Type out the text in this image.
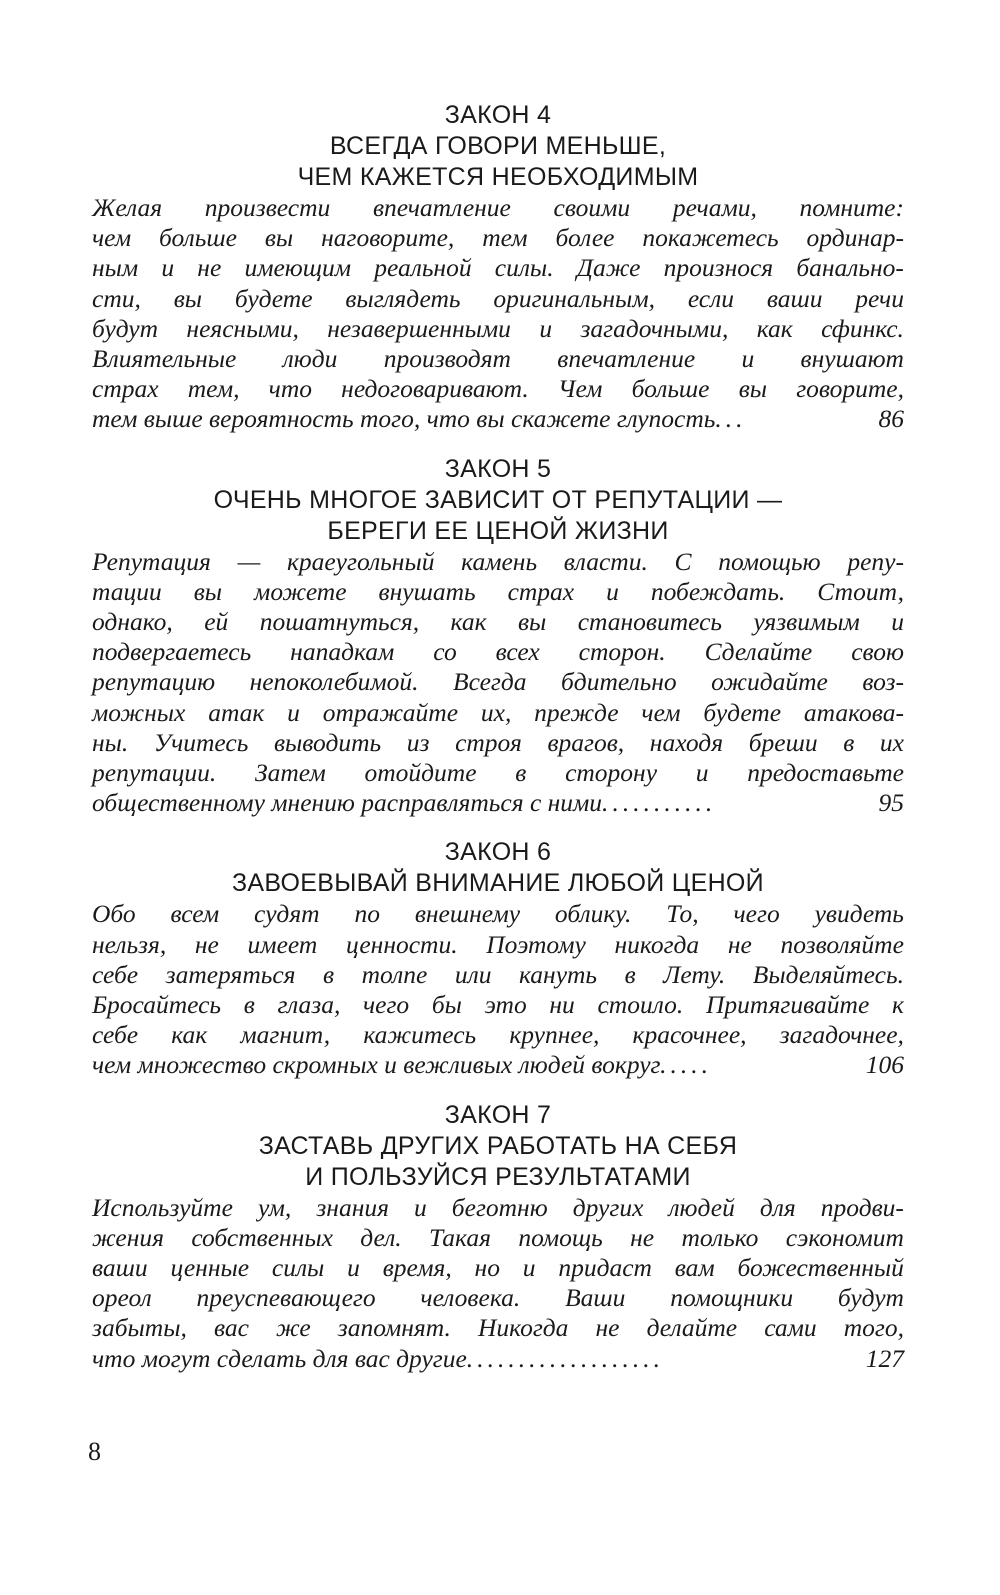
ЗАКОН 4
ВСЕГДА ГОВОРИ МЕНЬШЕ,
ЧЕМ КАЖЕТСЯ НЕОБХОДИМЫМ
Желая произвести впечатление своими речами, помните:
чем больше вы наговорите, тем более покажетесь ординар-
ным и не имеющим реальной силы. Даже произнося банально-
сти, вы будете выглядеть оригинальным, если ваши речи
будут неясными, незавершенными и загадочными, как сфинкс.
Влиятельные люди производят впечатление и внушают
страх тем, что недоговаривают. Чем больше вы говорите,
тем выше вероятность того, что вы скажете глупость. ..	86
ЗАКОН 5
ОЧЕНЬ МНОГОЕ ЗАВИСИТ ОТ РЕПУТАЦИИ —
БЕРЕГИ ЕЕ ЦЕНОЙ ЖИЗНИ
Репутация — краеугольный камень власти. С помощью репу-
тации вы можете внушать страх и побеждать. Стоит,
однако, ей пошатнуться, как вы становитесь уязвимым и
подвергаетесь нападкам со всех сторон. Сделайте свою
репутацию непоколебимой. Всегда бдительно ожидайте воз-
можных атак и отражайте их, прежде чем будете атакова-
ны. Учитесь выводить из строя врагов, находя бреши в их
репутации. Затем отойдите в сторону и предоставьте
общественному мнению расправляться с ними. ..........	95
ЗАКОН 6
ЗАВОЕВЫВАЙ ВНИМАНИЕ ЛЮБОЙ ЦЕНОЙ
Обо всем судят по внешнему облику. То, чего увидеть
нельзя, не имеет ценности. Поэтому никогда не позволяйте
себе затеряться в толпе или кануть в Лету. Выделяйтесь.
Бросайтесь в глаза, чего бы это ни стоило. Притягивайте к
себе как магнит, кажитесь крупнее, красочнее, загадочнее,
чем множество скромных и вежливых людей вокруг. ....	106
ЗАКОН 7
ЗАСТАВЬ ДРУГИХ РАБОТАТЬ НА СЕБЯ
И ПОЛЬЗУЙСЯ РЕЗУЛЬТАТАМИ
Используйте ум, знания и беготню других людей для продви-
жения собственных дел. Такая помощь не только сэкономит
ваши ценные силы и время, но и придаст вам божественный
ореол преуспевающего человека. Ваши помощники будут
забыты, вас же запомнят. Никогда не делайте сами того,
что могут сделать для вас другие. ..................	127
8
